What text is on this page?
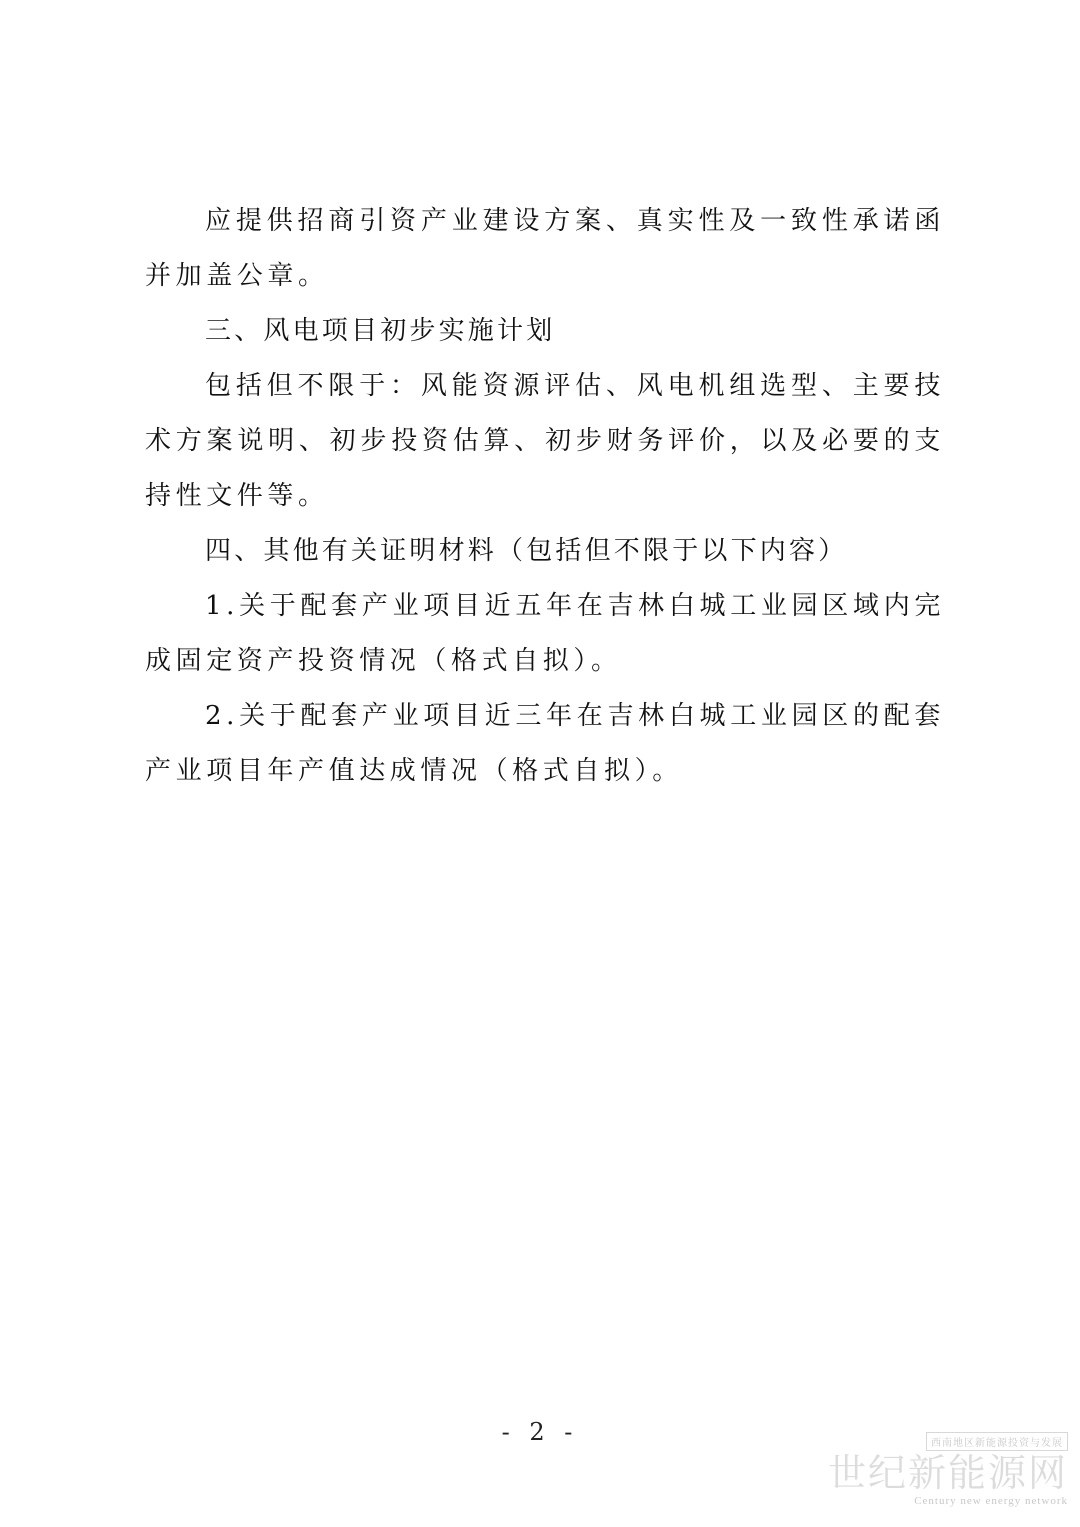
应提供招商引资产业建设方案、真实性及一致性承诺函并加盖公章。

三、风电项目初步实施计划

包括但不限于：风能资源评估、风电机组选型、主要技术方案说明、初步投资估算、初步财务评价，以及必要的支持性文件等。

四、其他有关证明材料（包括但不限于以下内容）

1.关于配套产业项目近五年在吉林白城工业园区域内完成固定资产投资情况（格式自拟）。

2.关于配套产业项目近三年在吉林白城工业园区的配套产业项目年产值达成情况（格式自拟）。

- 2 -	西南地区新能源投资与发展
世纪新能源网
Century new energy network
